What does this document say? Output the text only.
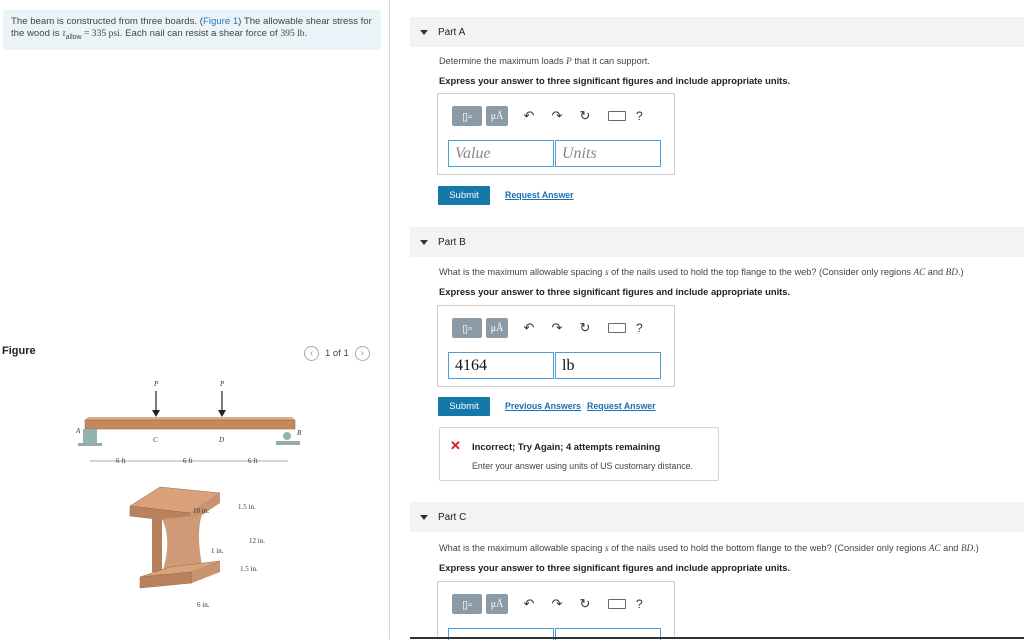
The beam is constructed from three boards. (Figure 1) The allowable shear stress for
the wood is $\tau_{allow} = 335$ psi. Each nail can resist a shear force of 395 lb.
Figure	‹	1 of 1	›
P	P
A	B
C	D
6 ft	6 ft	6 ft
10 in.	1.5 in.
12 in.
1 in.
1.5 in.
6 in.
Part A
Determine the maximum loads P that it can support.
Express your answer to three significant figures and include appropriate units.
▯▫	μÅ	↶ ↷ ↻	?
Value	Units
Submit	Request Answer
Part B
What is the maximum allowable spacing s of the nails used to hold the top flange to the web? (Consider only regions AC and BD.)
Express your answer to three significant figures and include appropriate units.
▯▫	μÅ	↶ ↷ ↻	?
4164	lb
Submit	Previous Answers Request Answer
✕ Incorrect; Try Again; 4 attempts remaining
Enter your answer using units of US customary distance.
Part C
What is the maximum allowable spacing s of the nails used to hold the bottom flange to the web? (Consider only regions AC and BD.)
Express your answer to three significant figures and include appropriate units.
▯▫	μÅ	↶ ↷ ↻	?
